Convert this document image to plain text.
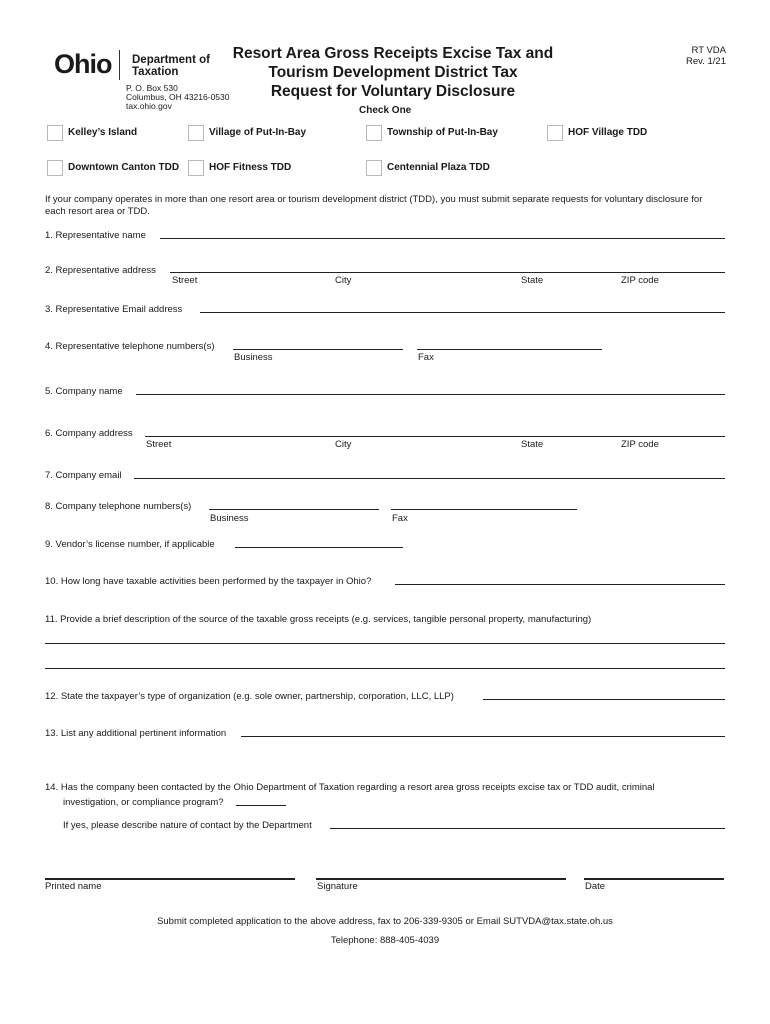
Ohio Department of
Taxation
P. O. Box 530
Columbus, OH 43216-0530
tax.ohio.gov
Resort Area Gross Receipts Excise Tax and
Tourism Development District Tax
Request for Voluntary Disclosure
RT VDA
Rev. 1/21
Check One
Kelley’s Island	Village of Put-In-Bay	Township of Put-In-Bay	HOF Village TDD
Downtown Canton TDD	HOF Fitness TDD	Centennial Plaza TDD
If your company operates in more than one resort area or tourism development district (TDD), you must submit separate requests for voluntary disclosure for each resort area or TDD.
1. Representative name
2. Representative address
Street	City	State	ZIP code
3. Representative Email address
4. Representative telephone numbers(s)
Business	Fax
5. Company name
6. Company address
Street	City	State	ZIP code
7. Company email
8. Company telephone numbers(s)
Business	Fax
9. Vendor’s license number, if applicable
10. How long have taxable activities been performed by the taxpayer in Ohio?
11. Provide a brief description of the source of the taxable gross receipts (e.g. services, tangible personal property, manufacturing)
12. State the taxpayer’s type of organization (e.g. sole owner, partnership, corporation, LLC, LLP)
13. List any additional pertinent information
14. Has the company been contacted by the Ohio Department of Taxation regarding a resort area gross receipts excise tax or TDD audit, criminal
investigation, or compliance program?
If yes, please describe nature of contact by the Department
Printed name	Signature	Date
Submit completed application to the above address, fax to 206-339-9305 or Email SUTVDA@tax.state.oh.us
Telephone: 888-405-4039
